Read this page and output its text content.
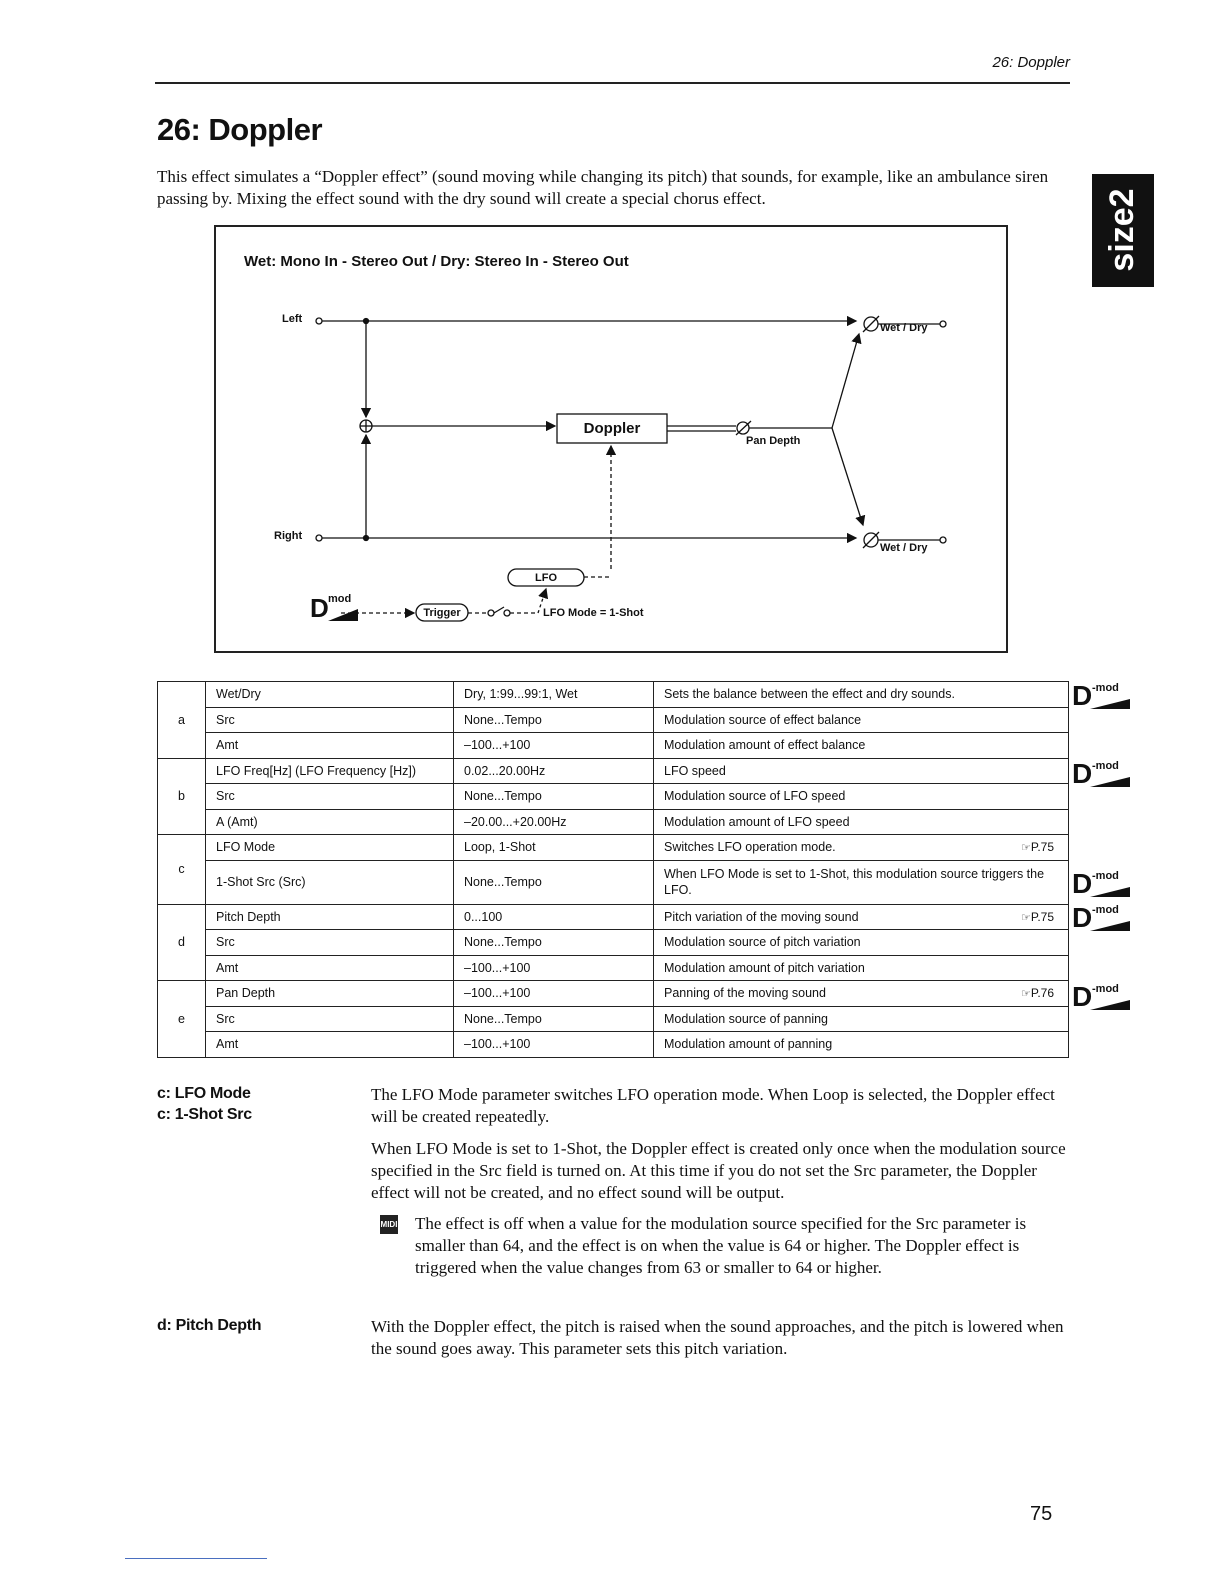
26: Doppler
26: Doppler
This effect simulates a “Doppler effect” (sound moving while changing its pitch) that sounds, for example, like an ambulance siren passing by. Mixing the effect sound with the dry sound will create a special chorus effect.	size2
Wet: Mono In - Stereo Out / Dry: Stereo In - Stereo Out
Left
Right
Doppler
Pan Depth
Wet / Dry
Wet / Dry
LFO
Trigger	LFO Mode = 1-Shot
D mod
a	Wet/Dry	Dry, 1:99...99:1, Wet	Sets the balance between the effect and dry sounds.
	Src	None...Tempo	Modulation source of effect balance
	Amt	–100...+100	Modulation amount of effect balance
b	LFO Freq[Hz] (LFO Frequency [Hz])	0.02...20.00Hz	LFO speed
	Src	None...Tempo	Modulation source of LFO speed
	A (Amt)	–20.00...+20.00Hz	Modulation amount of LFO speed
c	LFO Mode	Loop, 1-Shot	Switches LFO operation mode. ☞P.75

	1-Shot Src (Src)	None...Tempo	When LFO Mode is set to 1-Shot, this modulation source triggers the LFO.
d	Pitch Depth	0...100	Pitch variation of the moving sound ☞P.75

	Src	None...Tempo	Modulation source of pitch variation
	Amt	–100...+100	Modulation amount of pitch variation
e	Pan Depth	–100...+100	Panning of the moving sound ☞P.76

	Src	None...Tempo	Modulation source of panning
	Amt	–100...+100	Modulation amount of panning
D -mod
D -mod
D -mod
D -mod
D -mod
c: LFO Mode
c: 1-Shot Src
The LFO Mode parameter switches LFO operation mode. When Loop is selected, the Doppler effect will be created repeatedly.
When LFO Mode is set to 1-Shot, the Doppler effect is created only once when the modulation source specified in the Src field is turned on. At this time if you do not set the Src parameter, the Doppler effect will not be created, and no effect sound will be output.
MIDI The effect is off when a value for the modulation source specified for the Src parameter is smaller than 64, and the effect is on when the value is 64 or higher. The Doppler effect is triggered when the value changes from 63 or smaller to 64 or higher.
d: Pitch Depth	With the Doppler effect, the pitch is raised when the sound approaches, and the pitch is lowered when the sound goes away. This parameter sets this pitch variation.
75
